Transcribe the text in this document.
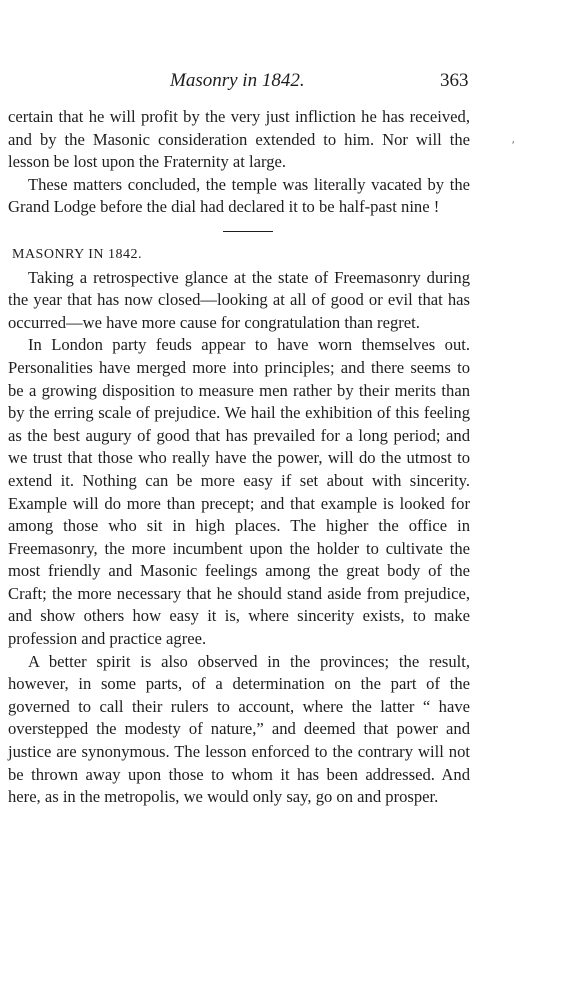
Masonry in 1842.	363
ʹ

certain that he will profit by the very just infliction he has received, and by the Masonic consideration extended to him. Nor will the lesson be lost upon the Fraternity at large.

These matters concluded, the temple was literally vacated by the Grand Lodge before the dial had declared it to be half-past nine !

MASONRY IN 1842.

Taking a retrospective glance at the state of Freemasonry during the year that has now closed—looking at all of good or evil that has occurred—we have more cause for congratulation than regret.

In London party feuds appear to have worn themselves out. Personalities have merged more into principles; and there seems to be a growing disposition to measure men rather by their merits than by the erring scale of prejudice. We hail the exhibition of this feeling as the best augury of good that has prevailed for a long period; and we trust that those who really have the power, will do the utmost to extend it. Nothing can be more easy if set about with sincerity. Example will do more than precept; and that example is looked for among those who sit in high places. The higher the office in Freemasonry, the more incumbent upon the holder to cultivate the most friendly and Masonic feelings among the great body of the Craft; the more necessary that he should stand aside from prejudice, and show others how easy it is, where sincerity exists, to make profession and practice agree.

A better spirit is also observed in the provinces; the result, however, in some parts, of a determination on the part of the governed to call their rulers to account, where the latter “ have overstepped the modesty of nature,” and deemed that power and justice are synonymous. The lesson enforced to the contrary will not be thrown away upon those to whom it has been addressed. And here, as in the metropolis, we would only say, go on and prosper.
